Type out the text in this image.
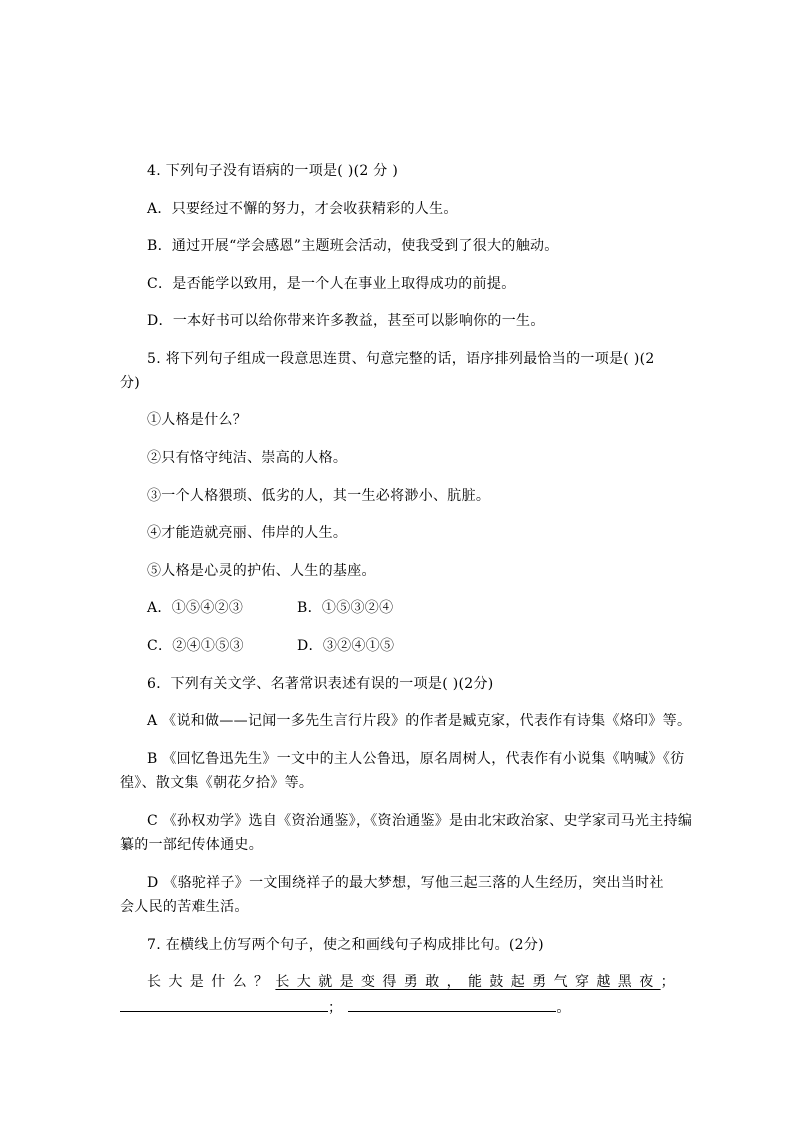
4. 下列句子没有语病的一项是( )(2 分 )
A．只要经过不懈的努力，才会收获精彩的人生。
B．通过开展“学会感恩”主题班会活动，使我受到了很大的触动。
C．是否能学以致用，是一个人在事业上取得成功的前提。
D．一本好书可以给你带来许多教益，甚至可以影响你的一生。
5. 将下列句子组成一段意思连贯、句意完整的话，语序排列最恰当的一项是( )(2
分)
①人格是什么？
②只有恪守纯洁、崇高的人格。
③一个人格猥琐、低劣的人，其一生必将渺小、肮脏。
④才能造就亮丽、伟岸的人生。
⑤人格是心灵的护佑、人生的基座。
A．①⑤④②③	B．①⑤③②④
C．②④①⑤③	D．③②④①⑤
6．下列有关文学、名著常识表述有误的一项是( )(2分)
A 《说和做——记闻一多先生言行片段》的作者是臧克家，代表作有诗集《烙印》等。
B 《回忆鲁迅先生》一文中的主人公鲁迅，原名周树人，代表作有小说集《呐喊》《彷
徨》、散文集《朝花夕拾》等。
C 《孙权劝学》选自《资治通鉴》，《资治通鉴》是由北宋政治家、史学家司马光主持编
纂的一部纪传体通史。
D 《骆驼祥子》一文围绕祥子的最大梦想，写他三起三落的人生经历，突出当时社
会人民的苦难生活。
7. 在横线上仿写两个句子，使之和画线句子构成排比句。(2分)
长大是什么？长大就是变得勇敢，能鼓起勇气穿越黑夜；
；	。
